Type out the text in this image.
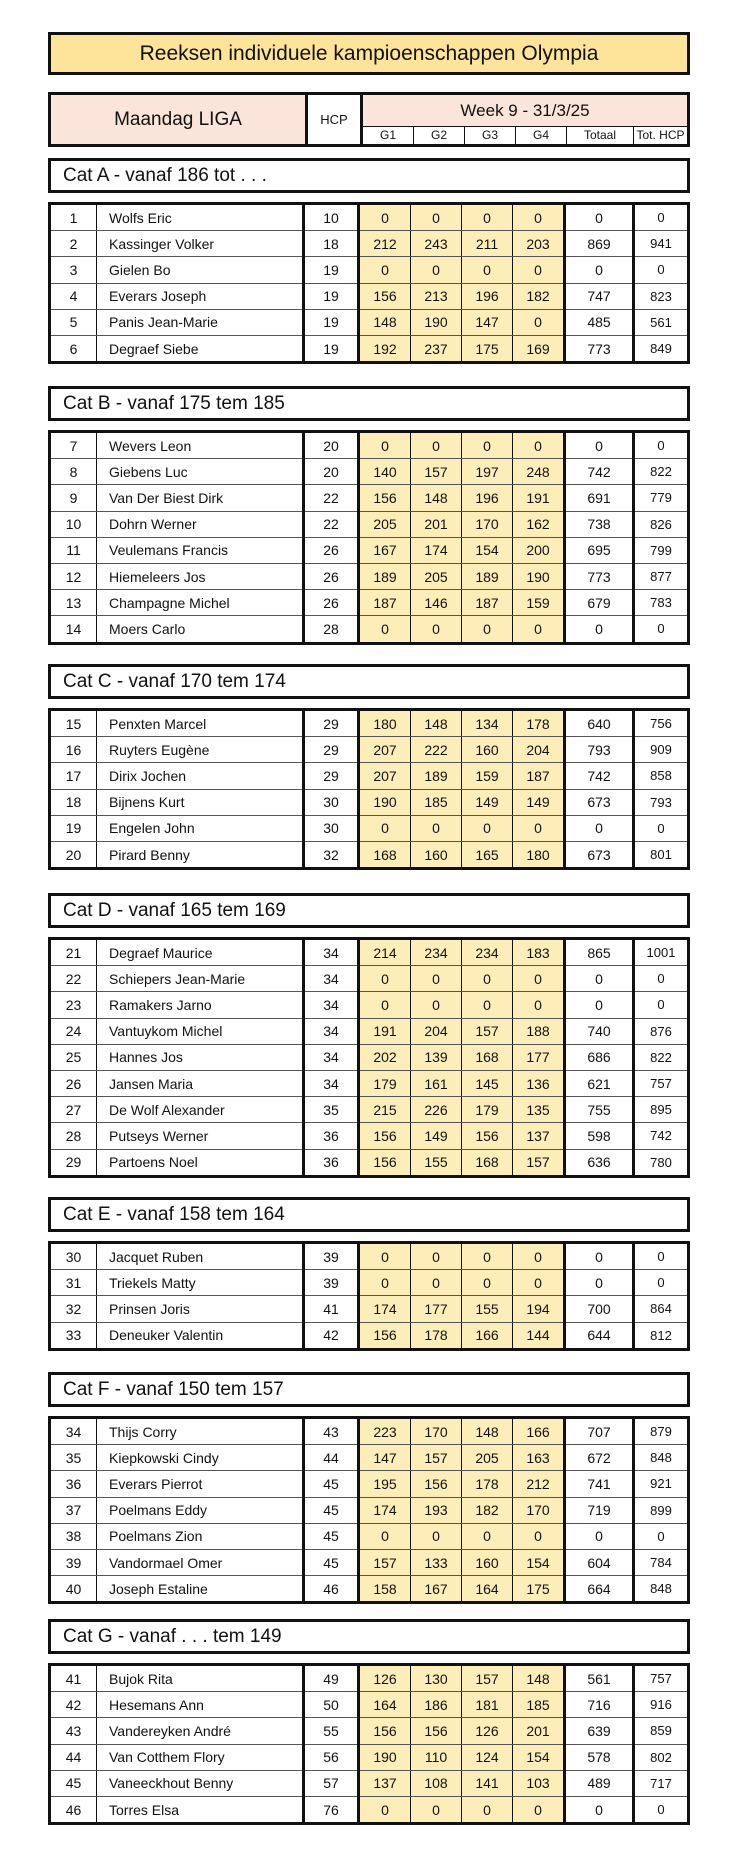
Reeksen individuele kampioenschappen Olympia
Maandag LIGA	HCP	Week 9 - 31/3/25
G1	G2	G3	G4	Totaal	Tot. HCP
Cat A - vanaf 186 tot . . .
1	Wolfs Eric	10	0	0	0	0	0	0
2	Kassinger Volker	18	212	243	211	203	869	941
3	Gielen Bo	19	0	0	0	0	0	0
4	Everars Joseph	19	156	213	196	182	747	823
5	Panis Jean-Marie	19	148	190	147	0	485	561
6	Degraef Siebe	19	192	237	175	169	773	849
Cat B - vanaf 175 tem 185
7	Wevers Leon	20	0	0	0	0	0	0
8	Giebens Luc	20	140	157	197	248	742	822
9	Van Der Biest Dirk	22	156	148	196	191	691	779
10	Dohrn Werner	22	205	201	170	162	738	826
11	Veulemans Francis	26	167	174	154	200	695	799
12	Hiemeleers Jos	26	189	205	189	190	773	877
13	Champagne Michel	26	187	146	187	159	679	783
14	Moers Carlo	28	0	0	0	0	0	0
Cat C - vanaf 170 tem 174
15	Penxten Marcel	29	180	148	134	178	640	756
16	Ruyters Eugène	29	207	222	160	204	793	909
17	Dirix Jochen	29	207	189	159	187	742	858
18	Bijnens Kurt	30	190	185	149	149	673	793
19	Engelen John	30	0	0	0	0	0	0
20	Pirard Benny	32	168	160	165	180	673	801
Cat D - vanaf 165 tem 169
21	Degraef Maurice	34	214	234	234	183	865	1001
22	Schiepers Jean-Marie	34	0	0	0	0	0	0
23	Ramakers Jarno	34	0	0	0	0	0	0
24	Vantuykom Michel	34	191	204	157	188	740	876
25	Hannes Jos	34	202	139	168	177	686	822
26	Jansen Maria	34	179	161	145	136	621	757
27	De Wolf Alexander	35	215	226	179	135	755	895
28	Putseys Werner	36	156	149	156	137	598	742
29	Partoens Noel	36	156	155	168	157	636	780
Cat E - vanaf 158 tem 164
30	Jacquet Ruben	39	0	0	0	0	0	0
31	Triekels Matty	39	0	0	0	0	0	0
32	Prinsen Joris	41	174	177	155	194	700	864
33	Deneuker Valentin	42	156	178	166	144	644	812
Cat F - vanaf 150 tem 157
34	Thijs Corry	43	223	170	148	166	707	879
35	Kiepkowski Cindy	44	147	157	205	163	672	848
36	Everars Pierrot	45	195	156	178	212	741	921
37	Poelmans Eddy	45	174	193	182	170	719	899
38	Poelmans Zion	45	0	0	0	0	0	0
39	Vandormael Omer	45	157	133	160	154	604	784
40	Joseph Estaline	46	158	167	164	175	664	848
Cat G - vanaf . . . tem 149
41	Bujok Rita	49	126	130	157	148	561	757
42	Hesemans Ann	50	164	186	181	185	716	916
43	Vandereyken André	55	156	156	126	201	639	859
44	Van Cotthem Flory	56	190	110	124	154	578	802
45	Vaneeckhout Benny	57	137	108	141	103	489	717
46	Torres Elsa	76	0	0	0	0	0	0
